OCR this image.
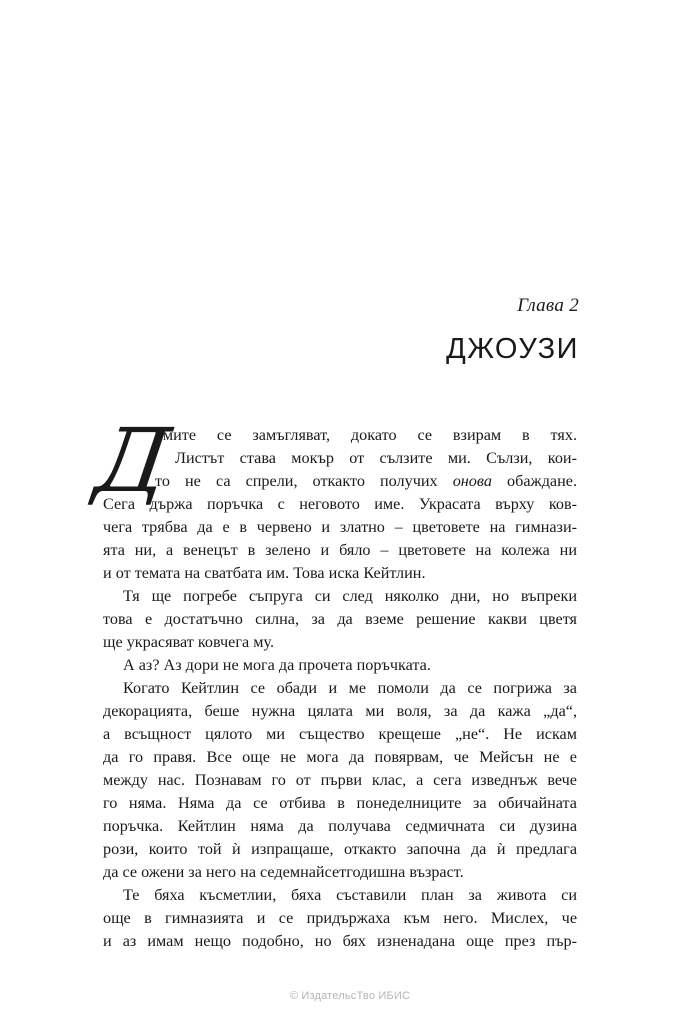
Глава 2
ДЖОУЗИ
Д
умите се замъгляват, докато се взирам в тях.
Листът става мокър от сълзите ми. Сълзи, кои-
то не са спрели, откакто получих онова обаждане.
Сега държа поръчка с неговото име. Украсата върху ков-
чега трябва да е в червено и златно – цветовете на гимнази-
ята ни, а венецът в зелено и бяло – цветовете на колежа ни
и от темата на сватбата им. Това иска Кейтлин.
Тя ще погребе съпруга си след няколко дни, но въпреки
това е достатъчно силна, за да вземе решение какви цветя
ще украсяват ковчега му.
А аз? Аз дори не мога да прочета поръчката.
Когато Кейтлин се обади и ме помоли да се погрижа за
декорацията, беше нужна цялата ми воля, за да кажа „да“,
а всъщност цялото ми същество крещеше „не“. Не искам
да го правя. Все още не мога да повярвам, че Мейсън не е
между нас. Познавам го от първи клас, а сега изведнъж вече
го няма. Няма да се отбива в понеделниците за обичайната
поръчка. Кейтлин няма да получава седмичната си дузина
рози, които той ѝ изпращаше, откакто започна да ѝ предлага
да се ожени за него на седемнайсетгодишна възраст.
Те бяха късметлии, бяха съставили план за живота си
още в гимназията и се придържаха към него. Мислех, че
и аз имам нещо подобно, но бях изненадана още през пър-
© ИздательсТво ИБИС
